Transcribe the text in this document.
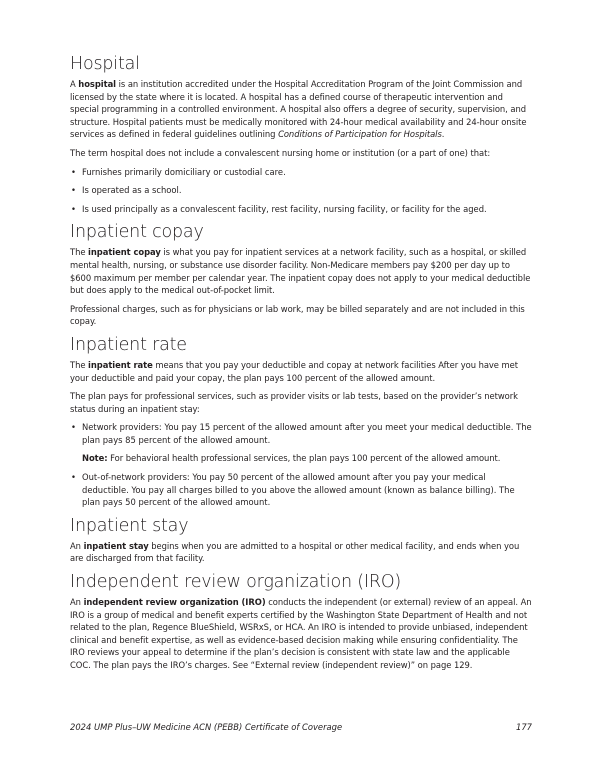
Hospital

A hospital is an institution accredited under the Hospital Accreditation Program of the Joint Commission and licensed by the state where it is located. A hospital has a defined course of therapeutic intervention and special programming in a controlled environment. A hospital also offers a degree of security, supervision, and structure. Hospital patients must be medically monitored with 24-hour medical availability and 24-hour onsite services as defined in federal guidelines outlining Conditions of Participation for Hospitals.

The term hospital does not include a convalescent nursing home or institution (or a part of one) that:

• Furnishes primarily domiciliary or custodial care.
• Is operated as a school.
• Is used principally as a convalescent facility, rest facility, nursing facility, or facility for the aged.
Inpatient copay

The inpatient copay is what you pay for inpatient services at a network facility, such as a hospital, or skilled mental health, nursing, or substance use disorder facility. Non-Medicare members pay $200 per day up to $600 maximum per member per calendar year. The inpatient copay does not apply to your medical deductible but does apply to the medical out-of-pocket limit.

Professional charges, such as for physicians or lab work, may be billed separately and are not included in this copay.

Inpatient rate

The inpatient rate means that you pay your deductible and copay at network facilities After you have met your deductible and paid your copay, the plan pays 100 percent of the allowed amount.

The plan pays for professional services, such as provider visits or lab tests, based on the provider’s network status during an inpatient stay:

• Network providers: You pay 15 percent of the allowed amount after you meet your medical deductible. The plan pays 85 percent of the allowed amount.

Note: For behavioral health professional services, the plan pays 100 percent of the allowed amount.

• Out-of-network providers: You pay 50 percent of the allowed amount after you pay your medical deductible. You pay all charges billed to you above the allowed amount (known as balance billing). The plan pays 50 percent of the allowed amount.
Inpatient stay

An inpatient stay begins when you are admitted to a hospital or other medical facility, and ends when you are discharged from that facility.

Independent review organization (IRO)

An independent review organization (IRO) conducts the independent (or external) review of an appeal. An IRO is a group of medical and benefit experts certified by the Washington State Department of Health and not related to the plan, Regence BlueShield, WSRxS, or HCA. An IRO is intended to provide unbiased, independent clinical and benefit expertise, as well as evidence-based decision making while ensuring confidentiality. The IRO reviews your appeal to determine if the plan’s decision is consistent with state law and the applicable COC. The plan pays the IRO’s charges. See “External review (independent review)” on page 129.

2024 UMP Plus–UW Medicine ACN (PEBB) Certificate of Coverage	177
